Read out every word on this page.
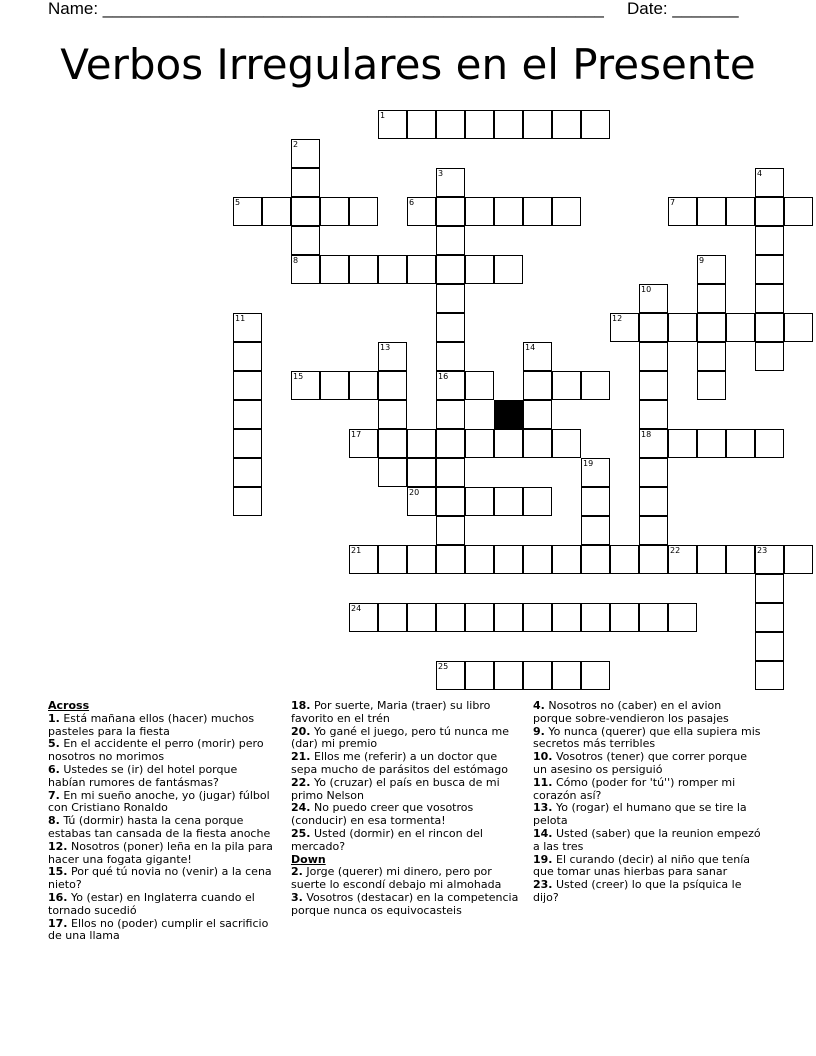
Name: _____________________________________________________ Date: _______
Verbos Irregulares en el Presente
1
2
5
3
6
4
7
8	9
10
11	12
13	14
15	16
17	18
19
20
21	22	23
24
25

Across

1. Está mañana ellos (hacer) muchos pasteles para la fiesta

5. En el accidente el perro (morir) pero nosotros no morimos

6. Ustedes se (ir) del hotel porque habían rumores de fantásmas?

7. En mi sueño anoche, yo (jugar) fúlbol con Cristiano Ronaldo

8. Tú (dormir) hasta la cena porque estabas tan cansada de la fiesta anoche

12. Nosotros (poner) leña en la pila para hacer una fogata gigante!

15. Por qué tú novia no (venir) a la cena nieto?

16. Yo (estar) en Inglaterra cuando el tornado sucedió

17. Ellos no (poder) cumplir el sacrificio de una llama

18. Por suerte, Maria (traer) su libro favorito en el trén

20. Yo gané el juego, pero tú nunca me (dar) mi premio

21. Ellos me (referir) a un doctor que sepa mucho de parásitos del estómago

22. Yo (cruzar) el país en busca de mi primo Nelson

24. No puedo creer que vosotros (conducir) en esa tormenta!

25. Usted (dormir) en el rincon del mercado?

Down

2. Jorge (querer) mi dinero, pero por suerte lo escondí debajo mi almohada

3. Vosotros (destacar) en la competencia porque nunca os equivocasteis

4. Nosotros no (caber) en el avion porque sobre-vendieron los pasajes

9. Yo nunca (querer) que ella supiera mis secretos más terribles

10. Vosotros (tener) que correr porque un asesino os persiguió

11. Cómo (poder for 'tú'') romper mi corazón así?

13. Yo (rogar) el humano que se tire la pelota

14. Usted (saber) que la reunion empezó a las tres

19. El curando (decir) al niño que tenía que tomar unas hierbas para sanar

23. Usted (creer) lo que la psíquica le dijo?
